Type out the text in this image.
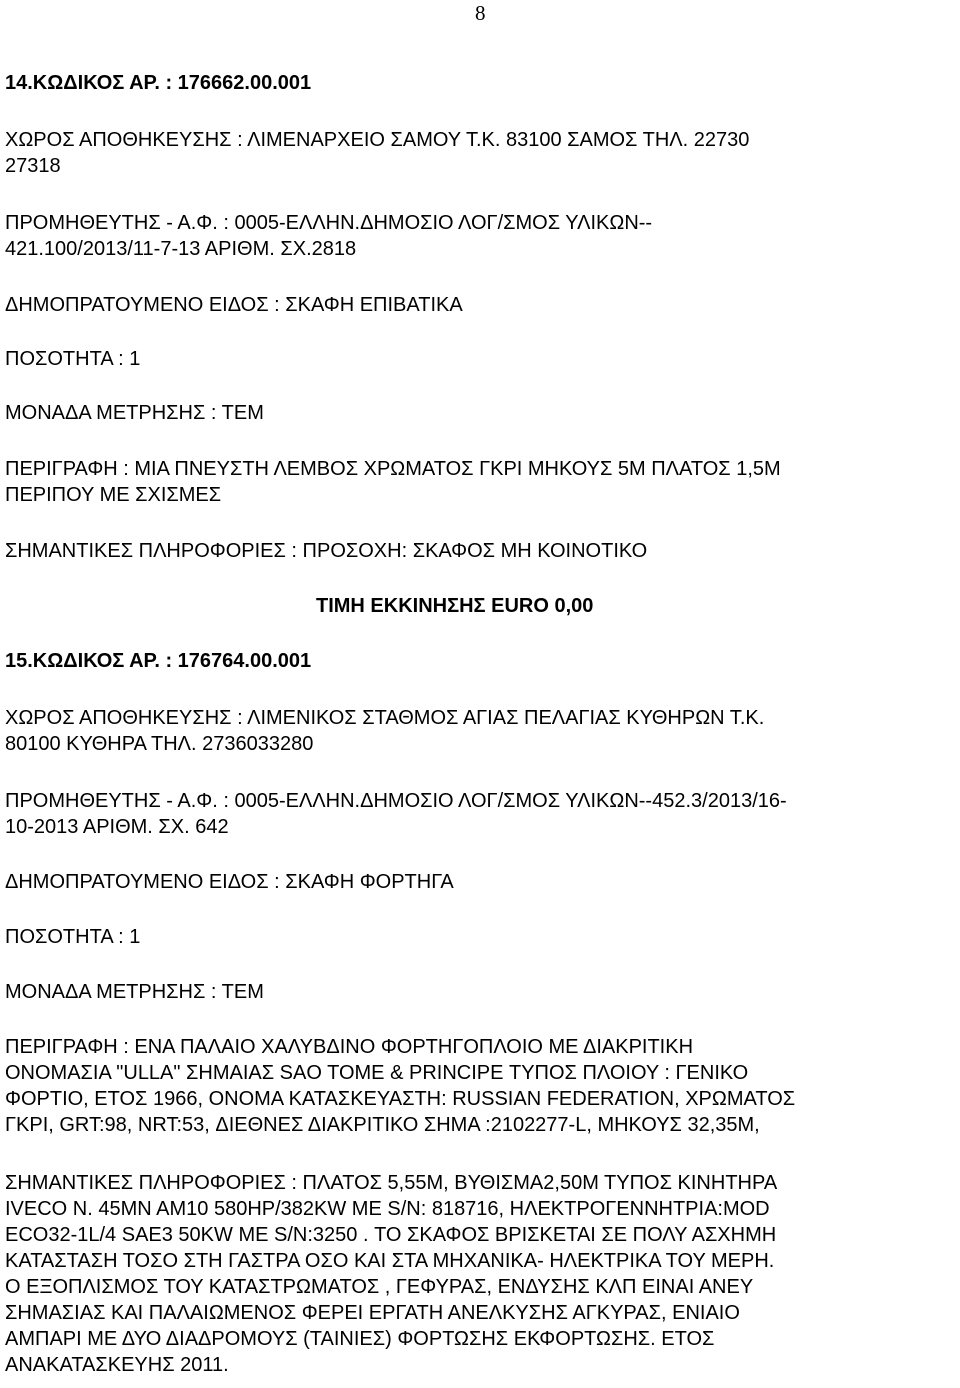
8
14.ΚΩΔΙΚΟΣ ΑΡ. : 176662.00.001
ΧΩΡΟΣ ΑΠΟΘΗΚΕΥΣΗΣ : ΛΙΜΕΝΑΡΧΕΙΟ ΣΑΜΟΥ Τ.Κ. 83100 ΣΑΜΟΣ ΤΗΛ. 22730
27318
ΠΡΟΜΗΘΕΥΤΗΣ - Α.Φ. : 0005-ΕΛΛΗΝ.ΔΗΜΟΣΙΟ ΛΟΓ/ΣΜΟΣ ΥΛΙΚΩΝ--
421.100/2013/11-7-13 ΑΡΙΘΜ. ΣΧ.2818
ΔΗΜΟΠΡΑΤΟΥΜΕΝΟ ΕΙΔΟΣ : ΣΚΑΦΗ ΕΠΙΒΑΤΙΚΑ
ΠΟΣΟΤΗΤΑ : 1
ΜΟΝΑΔΑ ΜΕΤΡΗΣΗΣ : ΤΕΜ
ΠΕΡΙΓΡΑΦΗ : ΜΙΑ ΠΝΕΥΣΤΗ ΛΕΜΒΟΣ ΧΡΩΜΑΤΟΣ ΓΚΡΙ ΜΗΚΟΥΣ 5Μ ΠΛΑΤΟΣ 1,5Μ
ΠΕΡΙΠΟΥ ΜΕ ΣΧΙΣΜΕΣ
ΣΗΜΑΝΤΙΚΕΣ ΠΛΗΡΟΦΟΡΙΕΣ : ΠΡΟΣΟΧΗ: ΣΚΑΦΟΣ ΜΗ ΚΟΙΝΟΤΙΚΟ
ΤΙΜΗ ΕΚΚΙΝΗΣΗΣ EURO 0,00
15.ΚΩΔΙΚΟΣ ΑΡ. : 176764.00.001
ΧΩΡΟΣ ΑΠΟΘΗΚΕΥΣΗΣ : ΛΙΜΕΝΙΚΟΣ ΣΤΑΘΜΟΣ ΑΓΙΑΣ ΠΕΛΑΓΙΑΣ ΚΥΘΗΡΩΝ Τ.Κ.
80100 ΚΥΘΗΡΑ ΤΗΛ. 2736033280
ΠΡΟΜΗΘΕΥΤΗΣ - Α.Φ. : 0005-ΕΛΛΗΝ.ΔΗΜΟΣΙΟ ΛΟΓ/ΣΜΟΣ ΥΛΙΚΩΝ--452.3/2013/16-
10-2013 ΑΡΙΘΜ. ΣΧ. 642
ΔΗΜΟΠΡΑΤΟΥΜΕΝΟ ΕΙΔΟΣ : ΣΚΑΦΗ ΦΟΡΤΗΓΑ
ΠΟΣΟΤΗΤΑ : 1
ΜΟΝΑΔΑ ΜΕΤΡΗΣΗΣ : ΤΕΜ
ΠΕΡΙΓΡΑΦΗ : ΕΝΑ ΠΑΛΑΙΟ ΧΑΛΥΒΔΙΝΟ ΦΟΡΤΗΓΟΠΛΟΙΟ ΜΕ ΔΙΑΚΡΙΤΙΚΗ
ΟΝΟΜΑΣΙΑ "ULLA" ΣΗΜΑΙΑΣ SAO TOME & PRINCIPE ΤΥΠΟΣ ΠΛΟΙΟΥ : ΓΕΝΙΚΟ
ΦΟΡΤΙΟ, ΕΤΟΣ 1966, ΟΝΟΜΑ ΚΑΤΑΣΚΕΥΑΣΤΗ: RUSSIAN FEDERATION, ΧΡΩΜΑΤΟΣ
ΓΚΡΙ, GRT:98, NRT:53, ΔΙΕΘΝΕΣ ΔΙΑΚΡΙΤΙΚΟ ΣΗΜΑ :2102277-L, ΜΗΚΟΥΣ 32,35Μ,
ΣΗΜΑΝΤΙΚΕΣ ΠΛΗΡΟΦΟΡΙΕΣ : ΠΛΑΤΟΣ 5,55Μ, ΒΥΘΙΣΜΑ2,50Μ ΤΥΠΟΣ ΚΙΝΗΤΗΡΑ
IVECO N. 45MN AM10 580HP/382KW ΜΕ S/N: 818716, ΗΛΕΚΤΡΟΓΕΝΝΗΤΡΙΑ:MOD
ECO32-1L/4 SAE3 50KW ΜΕ S/N:3250 . ΤΟ ΣΚΑΦΟΣ ΒΡΙΣΚΕΤΑΙ ΣΕ ΠΟΛΥ ΑΣΧΗΜΗ
ΚΑΤΑΣΤΑΣΗ ΤΟΣΟ ΣΤΗ ΓΑΣΤΡΑ ΟΣΟ ΚΑΙ ΣΤΑ ΜΗΧΑΝΙΚΑ- ΗΛΕΚΤΡΙΚΑ ΤΟΥ ΜΕΡΗ.
Ο ΕΞΟΠΛΙΣΜΟΣ ΤΟΥ ΚΑΤΑΣΤΡΩΜΑΤΟΣ , ΓΕΦΥΡΑΣ, ΕΝΔΥΣΗΣ ΚΛΠ ΕΙΝΑΙ ΑΝΕΥ
ΣΗΜΑΣΙΑΣ ΚΑΙ ΠΑΛΑΙΩΜΕΝΟΣ ΦΕΡΕΙ ΕΡΓΑΤΗ ΑΝΕΛΚΥΣΗΣ ΑΓΚΥΡΑΣ, ΕΝΙΑΙΟ
ΑΜΠΑΡΙ ΜΕ ΔΥΟ ΔΙΑΔΡΟΜΟΥΣ (ΤΑΙΝΙΕΣ) ΦΟΡΤΩΣΗΣ ΕΚΦΟΡΤΩΣΗΣ. ΕΤΟΣ
ΑΝΑΚΑΤΑΣΚΕΥΗΣ 2011.
